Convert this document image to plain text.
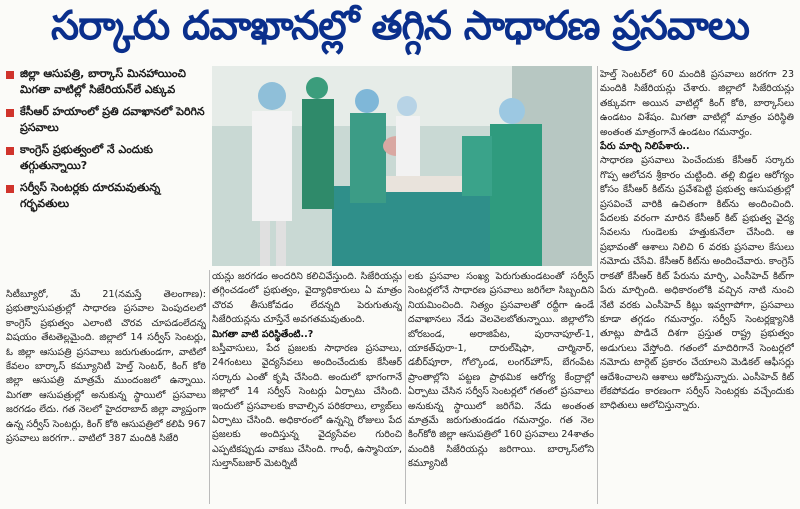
సర్కారు దవాఖానల్లో తగ్గిన సాధారణ ప్రసవాలు
జిల్లా ఆసుపత్రి, బార్కాస్ మినహాయించి మిగతా వాటిల్లో సిజేరియన్‌లే ఎక్కువ
కేసీఆర్ హయాంలో ప్రతి దవాఖానలో పెరిగిన ప్రసవాలు
కాంగ్రెస్ ప్రభుత్వంలో నే ఎందుకు తగ్గుతున్నాయి?
సర్వీస్ సెంటర్లకు దూరమవుతున్న గర్భవతులు
సిటీబ్యూరో, మే 21(నమస్తే తెలంగాణ): ప్రభుత్వాసుపత్రుల్లో సాధారణ ప్రసవాల పెంపుదలలో కాంగ్రెస్ ప్రభుత్వం ఎలాంటి చొరవ చూపడంలేదన్న విషయం తేటతెల్లమైంది. జిల్లాలో 14 సర్వీస్ సెంటర్లు, ఓ జిల్లా ఆసుపత్రి ప్రసవాలు జరుగుతుండగా, వాటిలో కేవలం బార్కాస్ కమ్యూనిటీ హెల్త్ సెంటర్, కింగ్ కోఠి జిల్లా ఆసుపత్రి మాత్రమే ముందంజలో ఉన్నాయి. మిగతా ఆసుపత్రుల్లో అనుకున్న స్థాయిలో ప్రసవాలు జరగడం లేదు. గత నెలలో హైదరాబాద్ జిల్లా వ్యాప్తంగా ఉన్న సర్వీస్ సెంటర్లు, కింగ్ కోఠి ఆసుపత్రిలో కలిపి 967 ప్రసవాలు జరగగా.. వాటిలో 387 మందికి సిజేరి
యన్లు జరగడం అందరిని కలిచివేస్తుంది. సిజేరియన్లు తగ్గించడంలో ప్రభుత్వం, వైద్యాధికారులు ఏ మాత్రం చొరవ తీసుకోవడం లేదన్నది పెరుగుతున్న సిజేరియన్లను చూస్తేనే అవగతమవుతుంది.
మిగతా వాటి పరిస్థితేంటి..?
బస్తీవాసులు, పేద ప్రజలకు సాధారణ ప్రసవాలు, 24గంటలు వైద్యసేవలు అందించేందుకు కేసీఆర్ సర్కారు ఎంతో కృషి చేసింది. అందులో భాగంగానే జిల్లాలో 14 సర్వీస్ సెంటర్లు ఏర్పాటు చేసింది. ఇందులో ప్రసవాలకు కావాల్సిన పరికరాలు, ల్యాబ్‌లు ఏర్పాటు చేసింది. అధికారంలో ఉన్నన్ని రోజులు పేద ప్రజలకు అందిస్తున్న వైద్యసేవల గురించి ఎప్పటికప్పుడు వాకబు చేసింది. గాంధీ, ఉస్మానియా, సుల్తాన్‌బజార్ మెటర్నిటీ
లకు ప్రసవాల సంఖ్య పెరుగుతుండటంతో సర్వీస్ సెంటర్లలోనే సాధారణ ప్రసవాలు జరిగేలా సిబ్బందిని నియమించింది. నిత్యం ప్రసవాలతో రద్దీగా ఉండే దవాఖానలు నేడు వెలవెలబోతున్నాయి. జిల్లాలోని బోరబండ, అరాజిపేట, పురానాపూల్-1, యాకత్‌పురా-1, దారుల్‌షిఫా, చార్మినార్, డబీర్‌పూరా, గోల్కొండ, లంగర్‌హౌస్, బేగంపేట ప్రాంతాల్లోని పట్టణ ప్రాథమిక ఆరోగ్య కేంద్రాల్లో ఏర్పాటు చేసిన సర్వీస్ సెంటర్లలో గతంలో ప్రసవాలు అనుకున్న స్థాయిలో జరిగేవి. నేడు అంతంత మాత్రమే జరుగుతుండడం గమనార్హం. గత నెల కింగ్‌కోఠి జిల్లా ఆసుపత్రిలో 160 ప్రసవాలు 24శాతం మందికి సిజేరియన్లు జరిగాయి. బార్కాస్‌లోని కమ్యూనిటీ
హెల్త్ సెంటర్‌లో 60 మందికి ప్రసవాలు జరగగా 23 మందికి సిజేరియన్లు చేశారు. జిల్లాలో సిజేరియన్లు తక్కువగా అయిన వాటిల్లో కింగ్ కోఠి, బార్కాస్‌లు ఉండటం విశేషం. మిగతా వాటిల్లో మాత్రం పరిస్థితి అంతంత మాత్రంగానే ఉండటం గమనార్హం.
పేరు మార్చి నిలిపేశారు..
సాధారణ ప్రసవాలు పెంచేందుకు కేసీఆర్ సర్కారు గొప్ప ఆలోచన శ్రీకారం చుట్టింది. తల్లి బిడ్డల ఆరోగ్యం కోసం కేసీఆర్ కిట్‌ను ప్రవేశపెట్టి ప్రభుత్వ ఆసుపత్రుల్లో ప్రసవించే వారికి ఉచితంగా కిట్‌ను అందించింది. పేదలకు వరంగా మారిన కేసీఆర్ కిట్ ప్రభుత్వ వైద్య సేవలను గుండెలకు హత్తుకునేలా చేసింది. ఆ ప్రభావంతో ఆశాలు నిలిచి 6 వరకు ప్రసవాల కేసులు నమోదు చేసేవి. కేసీఆర్ కిట్‌ను అందించేవారు. కాంగ్రెస్ రాకతో కేసీఆర్ కిట్ పేరును మార్చి, ఎంసీహెచ్ కిట్‌గా పేరు మార్చింది. అధికారంలోకి వచ్చిన నాటి నుంచి నేటి వరకు ఎంసీహెచ్ కిట్లు ఇవ్వగాపోగా, ప్రసవాలు కూడా తగ్గడం గమనార్హం. సర్వీస్ సెంటర్లక్ష్యానికి తూట్లు పొడిచే దిశగా ప్రస్తుత రాష్ట్ర ప్రభుత్వం అడుగులు వేస్తోంది. గతంలో మాదిరిగానే సెంటర్లలో నమోదు టార్గెట్ ప్రకారం చేయాలని మెడికల్ ఆఫీసర్లు ఆదేశించాలని ఆశాలు ఆరోపిస్తున్నారు. ఎంసీహెచ్ కిట్ లేకపోవడం కారణంగా సర్వీస్ సెంటర్లకు వచ్చేందుకు బాధితులు ఆలోచిస్తున్నారు.
